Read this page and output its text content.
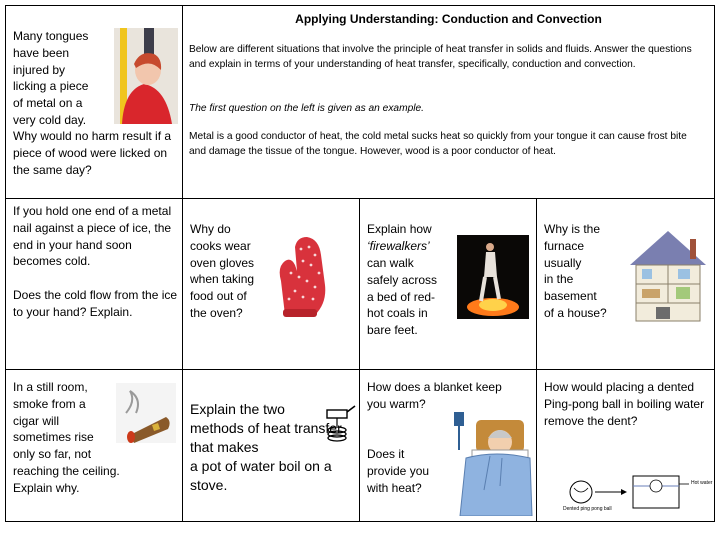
Many tongues
have been
injured by
licking a piece
of metal on a
very cold day.
Why would no harm result if a piece of wood were licked on the same day?
Applying Understanding: Conduction and Convection
Below are different situations that involve the principle of heat transfer in solids and fluids. Answer the questions and explain in terms of your understanding of heat transfer, specifically, conduction and convection.
The first question on the left is given as an example.
Metal is a good conductor of heat, the cold metal sucks heat so quickly from your tongue it can cause frost bite and damage the tissue of the tongue. However, wood is a poor conductor of heat.
If you hold one end of a metal nail against a piece of ice, the end in your hand soon becomes cold.

Does the cold flow from the ice to your hand? Explain.
Why do
cooks wear
oven gloves
when taking
food out of
the oven?
Explain how
‘firewalkers’
can walk
safely across
a bed of red-
hot coals in
bare feet.
Why is the
furnace
usually
in the
basement
of a house?
In a still room,
smoke from a
cigar will
sometimes rise
only so far, not
reaching the ceiling.
Explain why.
Explain the two
methods of heat transfer
that makes
a pot of water boil on a
stove.
How does a blanket keep
you warm?

Does it
provide you
with heat?
How would placing a dented Ping-pong ball in boiling water remove the dent?
Dented ping pong ball
Hot water
